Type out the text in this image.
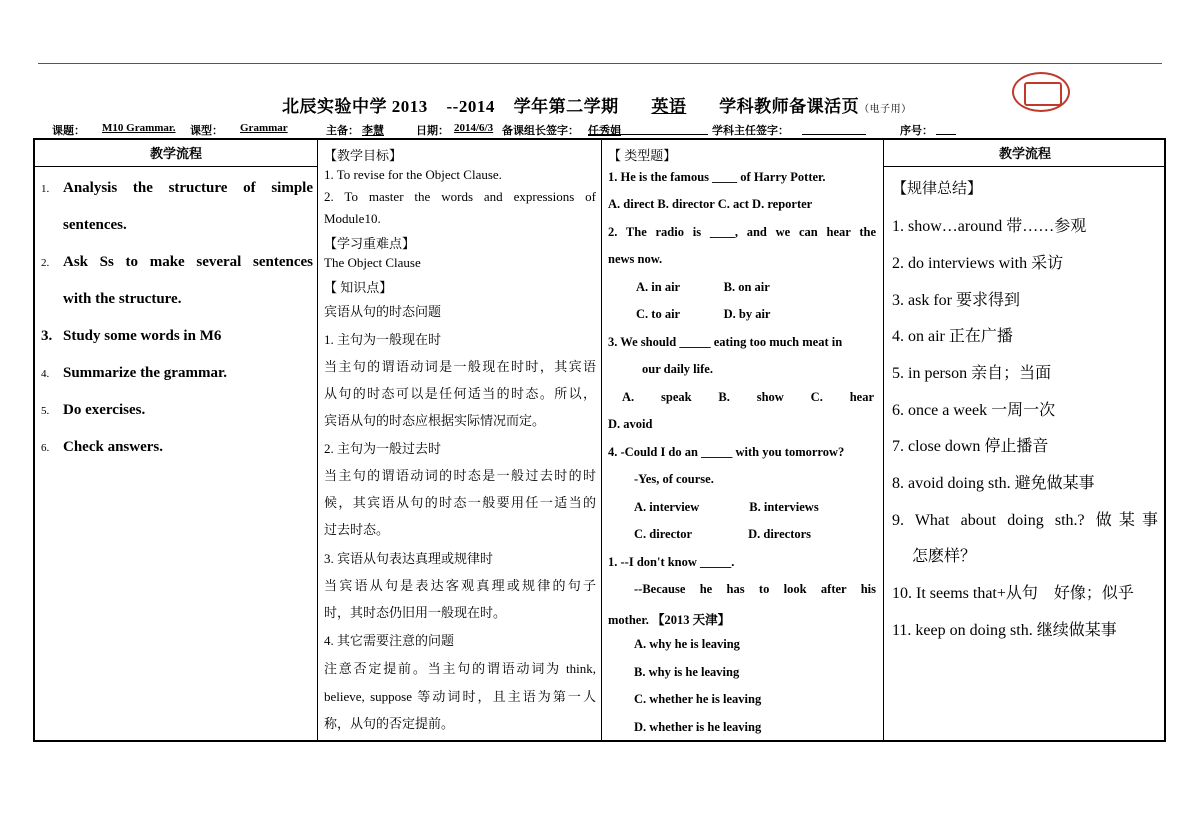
北辰实验中学 2013 --2014 学年第二学期 英语 学科教师备课活页（电子用）
课题： M10 Grammar. 课型： Grammar	主备： 李慧	日期： 2014/6/3 备课组长签字： 任秀娟	学科主任签字：	序号：
教学流程
1. Analysis the structure of simple
sentences.
2. Ask Ss to make several sentences
with the structure.
3. Study some words in M6
4. Summarize the grammar.
5. Do exercises.
6. Check answers.
【教学目标】
1. To revise for the Object Clause.
2. To master the words and expressions of
Module10.
【学习重难点】
The Object Clause
【 知识点】
宾语从句的时态问题
1. 主句为一般现在时
当主句的谓语动词是一般现在时时，其宾语
从句的时态可以是任何适当的时态。所以，
宾语从句的时态应根据实际情况而定。
2. 主句为一般过去时
当主句的谓语动词的时态是一般过去时的时
候，其宾语从句的时态一般要用任一适当的
过去时态。
3. 宾语从句表达真理或规律时
当宾语从句是表达客观真理或规律的句子
时，其时态仍旧用一般现在时。
4. 其它需要注意的问题
注意否定提前。当主句的谓语动词为 think,
believe, suppose 等动词时，且主语为第一人
称，从句的否定提前。
【 类型题】
1. He is the famous ____ of Harry Potter.
A. direct B. director C. act D. reporter
2. The radio is ____, and we can hear the
news now.
A. in air              B. on air
C. to air              D. by air
3. We should _____ eating too much meat in
our daily life.
A. speak B. show C. hear
D. avoid
4. -Could I do an _____ with you tomorrow?
-Yes, of course.
A. interview                B. interviews
C. director                  D. directors
1. --I don't know _____.
--Because he has to look after his
mother. 【2013 天津】
A. why he is leaving
B. why is he leaving
C. whether he is leaving
D. whether is he leaving
教学流程
【规律总结】
1. show…around 带……参观
2. do interviews with 采访
3. ask for 要求得到
4. on air 正在广播
5. in person 亲自；当面
6. once a week 一周一次
7. close down 停止播音
8. avoid doing sth. 避免做某事
9. What about doing sth.? 做某事
怎麽样？
10. It seems that+从句    好像；似乎
11. keep on doing sth. 继续做某事
